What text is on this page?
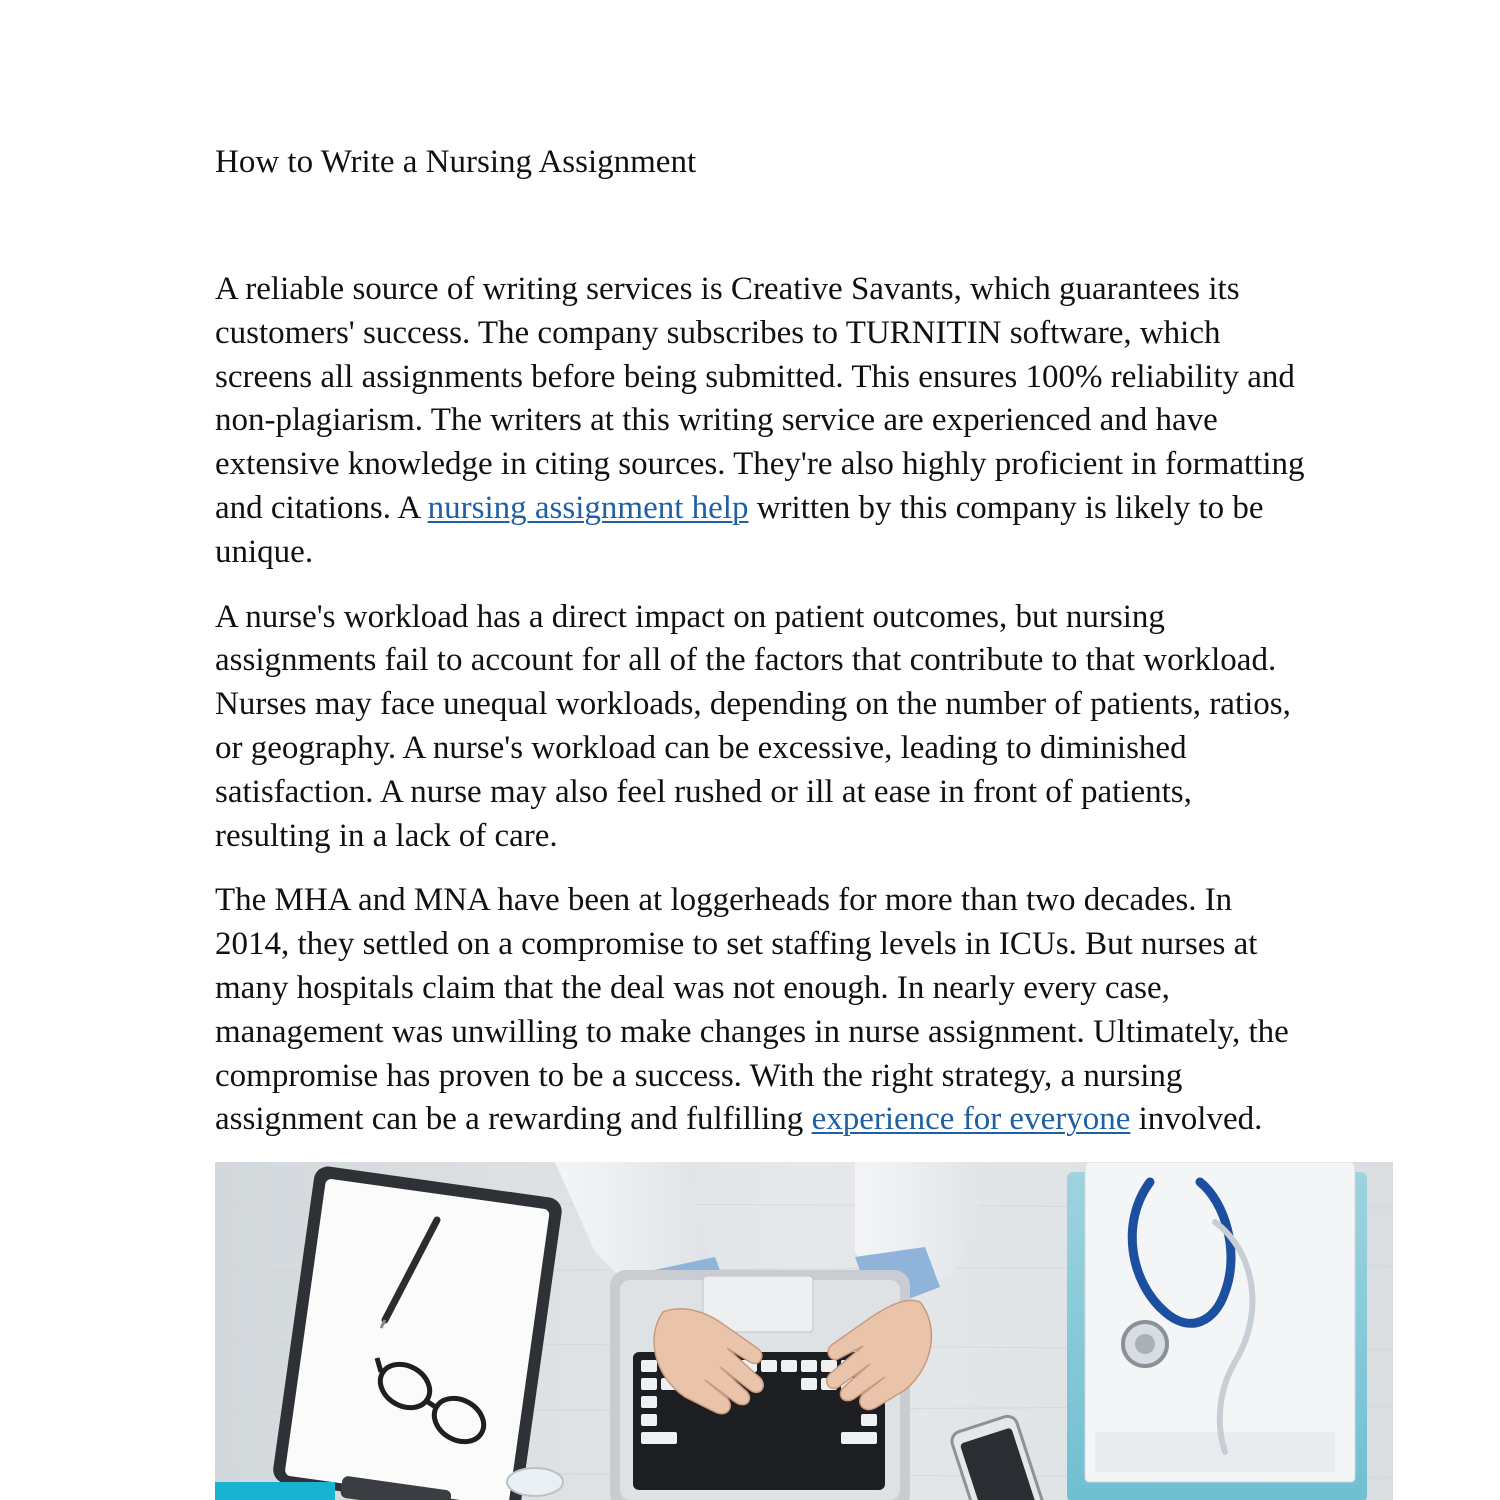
How to Write a Nursing Assignment

A reliable source of writing services is Creative Savants, which guarantees its
customers' success. The company subscribes to TURNITIN software, which
screens all assignments before being submitted. This ensures 100% reliability and
non-plagiarism. The writers at this writing service are experienced and have
extensive knowledge in citing sources. They're also highly proficient in formatting
and citations. A nursing assignment help written by this company is likely to be
unique.

A nurse's workload has a direct impact on patient outcomes, but nursing
assignments fail to account for all of the factors that contribute to that workload.
Nurses may face unequal workloads, depending on the number of patients, ratios,
or geography. A nurse's workload can be excessive, leading to diminished
satisfaction. A nurse may also feel rushed or ill at ease in front of patients,
resulting in a lack of care.

The MHA and MNA have been at loggerheads for more than two decades. In
2014, they settled on a compromise to set staffing levels in ICUs. But nurses at
many hospitals claim that the deal was not enough. In nearly every case,
management was unwilling to make changes in nurse assignment. Ultimately, the
compromise has proven to be a success. With the right strategy, a nursing
assignment can be a rewarding and fulfilling experience for everyone involved.
